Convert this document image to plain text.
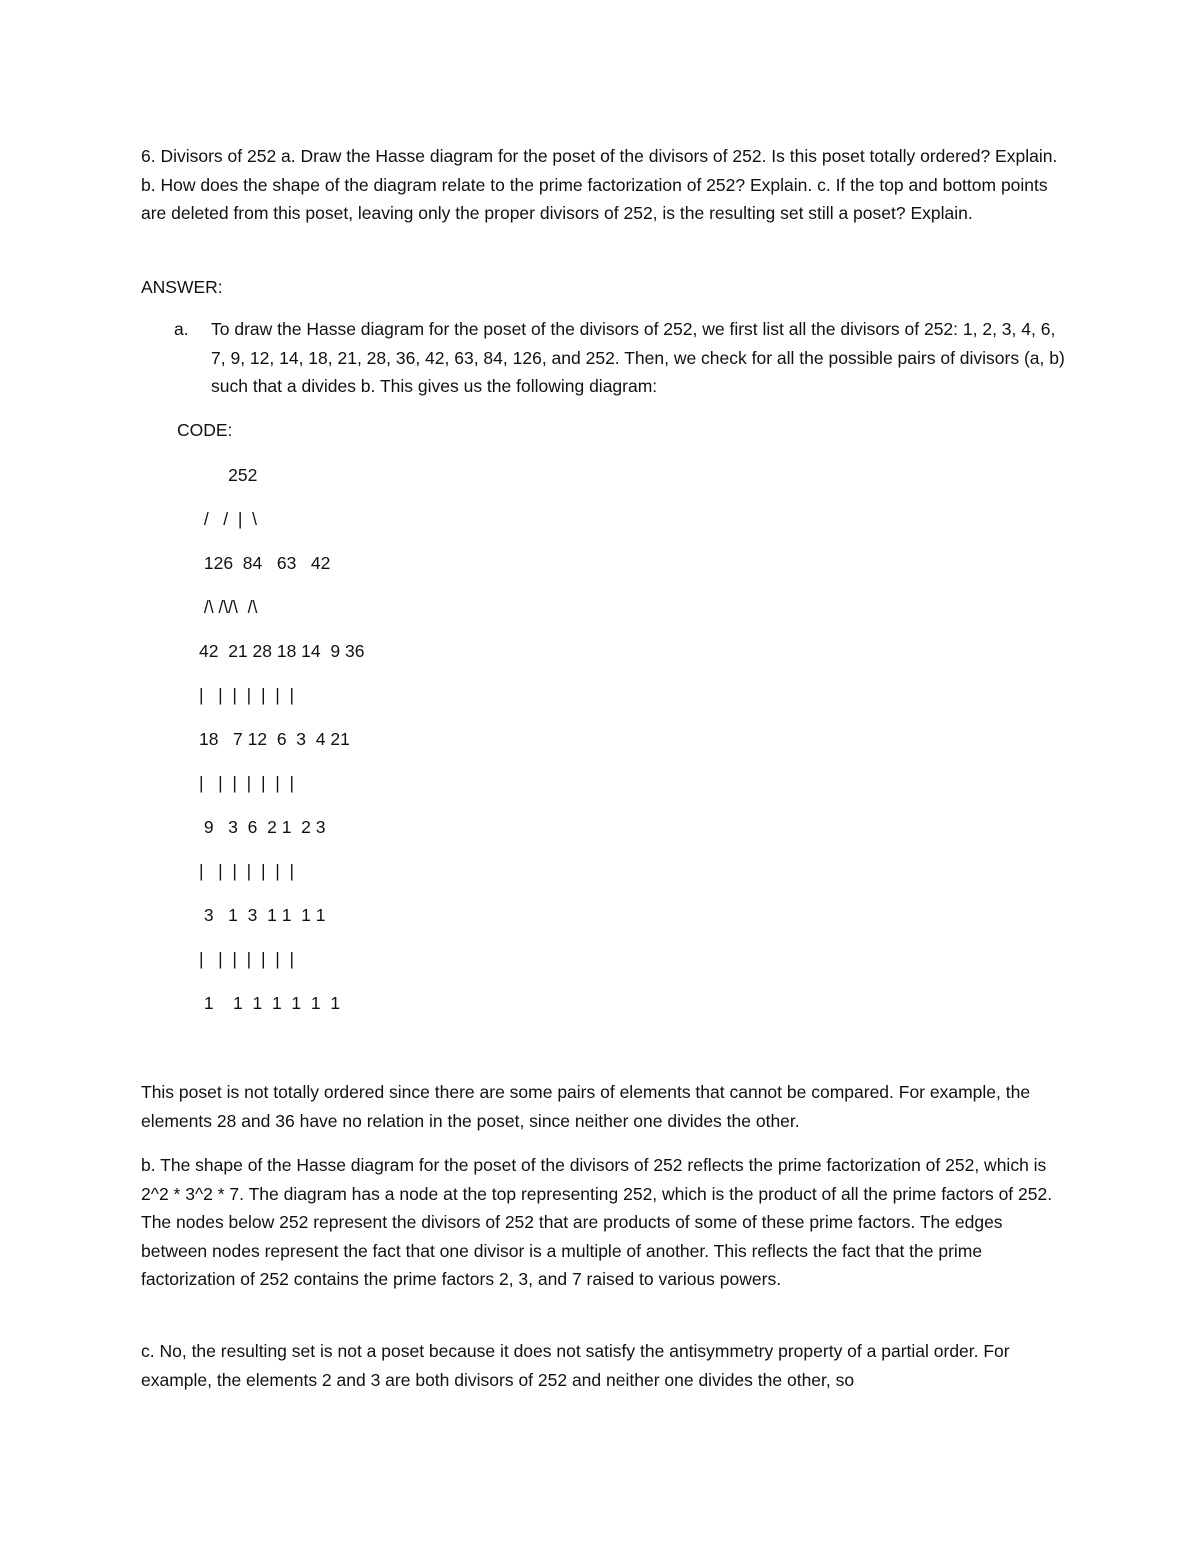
6. Divisors of 252 a. Draw the Hasse diagram for the poset of the divisors of 252. Is this poset totally ordered? Explain. b. How does the shape of the diagram relate to the prime factorization of 252? Explain. c. If the top and bottom points are deleted from this poset, leaving only the proper divisors of 252, is the resulting set still a poset? Explain.

ANSWER:

a. To draw the Hasse diagram for the poset of the divisors of 252, we first list all the divisors of 252: 1, 2, 3, 4, 6, 7, 9, 12, 14, 18, 21, 28, 36, 42, 63, 84, 126, and 252. Then, we check for all the possible pairs of divisors (a, b) such that a divides b. This gives us the following diagram:

CODE:

252
/   /  |  \
126  84   63   42
/\ /\/\  /\
42  21 28 18 14  9 36
|   |  |  |  |  |  |
18   7 12  6  3  4 21
|   |  |  |  |  |  |
9   3  6  2 1  2 3
|   |  |  |  |  |  |
3   1  3  1 1  1 1
|   |  |  |  |  |  |
1    1  1  1  1  1  1

This poset is not totally ordered since there are some pairs of elements that cannot be compared. For example, the elements 28 and 36 have no relation in the poset, since neither one divides the other.

b. The shape of the Hasse diagram for the poset of the divisors of 252 reflects the prime factorization of 252, which is 2^2 * 3^2 * 7. The diagram has a node at the top representing 252, which is the product of all the prime factors of 252. The nodes below 252 represent the divisors of 252 that are products of some of these prime factors. The edges between nodes represent the fact that one divisor is a multiple of another. This reflects the fact that the prime factorization of 252 contains the prime factors 2, 3, and 7 raised to various powers.

c. No, the resulting set is not a poset because it does not satisfy the antisymmetry property of a partial order. For example, the elements 2 and 3 are both divisors of 252 and neither one divides the other, so
